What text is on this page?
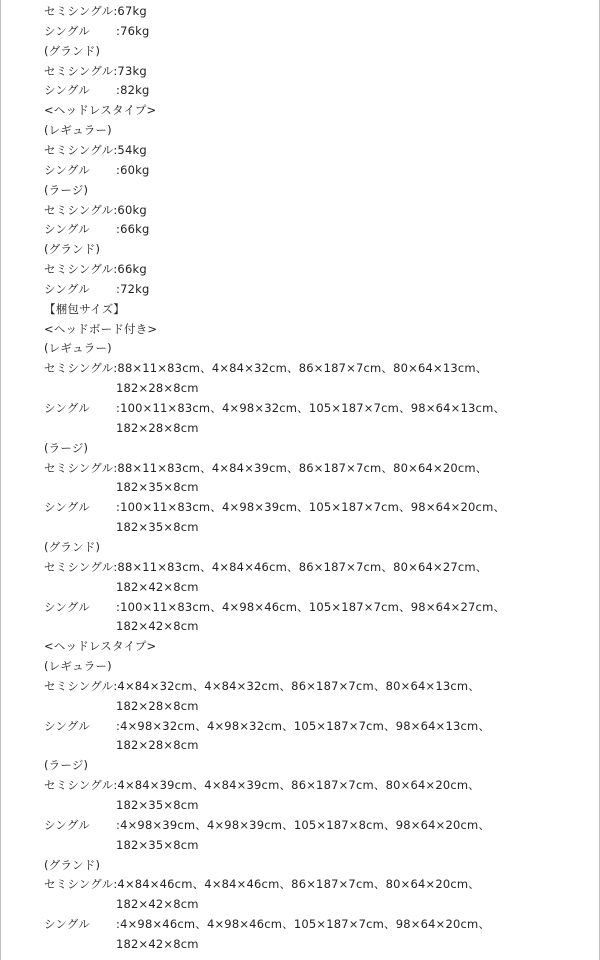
セミシングル:67kg
シングル :76kg
(グランド)
セミシングル:73kg
シングル :82kg
<ヘッドレスタイプ>
(レギュラー)
セミシングル:54kg
シングル :60kg
(ラージ)
セミシングル:60kg
シングル :66kg
(グランド)
セミシングル:66kg
シングル :72kg
【梱包サイズ】
<ヘッドボード付き>
(レギュラー)
セミシングル:88×11×83cm、4×84×32cm、86×187×7cm、80×64×13cm、
182×28×8cm
シングル :100×11×83cm、4×98×32cm、105×187×7cm、98×64×13cm、
182×28×8cm
(ラージ)
セミシングル:88×11×83cm、4×84×39cm、86×187×7cm、80×64×20cm、
182×35×8cm
シングル :100×11×83cm、4×98×39cm、105×187×7cm、98×64×20cm、
182×35×8cm
(グランド)
セミシングル:88×11×83cm、4×84×46cm、86×187×7cm、80×64×27cm、
182×42×8cm
シングル :100×11×83cm、4×98×46cm、105×187×7cm、98×64×27cm、
182×42×8cm
<ヘッドレスタイプ>
(レギュラー)
セミシングル:4×84×32cm、4×84×32cm、86×187×7cm、80×64×13cm、
182×28×8cm
シングル :4×98×32cm、4×98×32cm、105×187×7cm、98×64×13cm、
182×28×8cm
(ラージ)
セミシングル:4×84×39cm、4×84×39cm、86×187×7cm、80×64×20cm、
182×35×8cm
シングル :4×98×39cm、4×98×39cm、105×187×8cm、98×64×20cm、
182×35×8cm
(グランド)
セミシングル:4×84×46cm、4×84×46cm、86×187×7cm、80×64×20cm、
182×42×8cm
シングル :4×98×46cm、4×98×46cm、105×187×7cm、98×64×20cm、
182×42×8cm
